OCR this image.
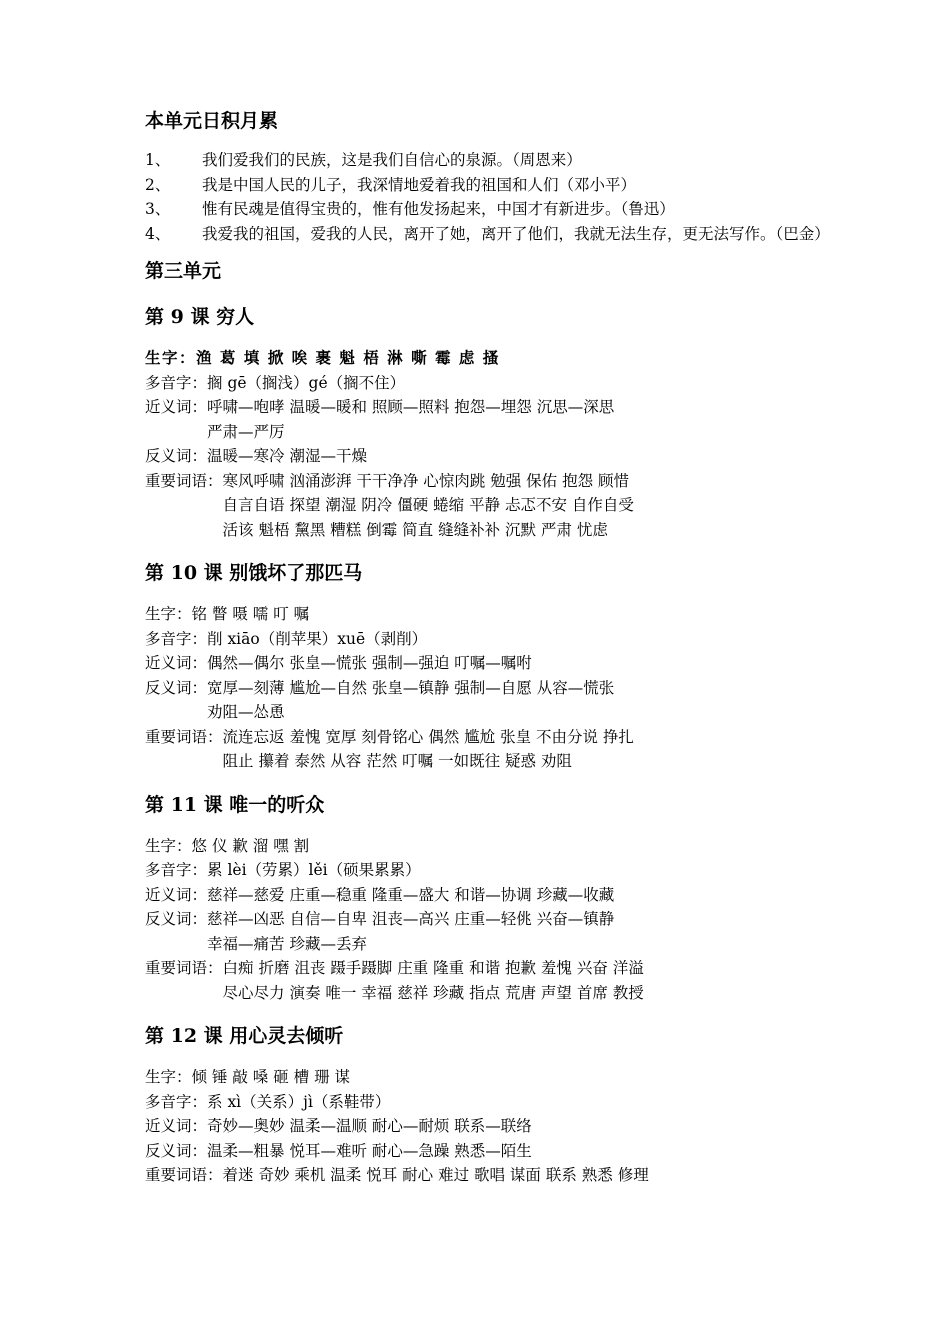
本单元日积月累
1、	我们爱我们的民族，这是我们自信心的泉源。（周恩来）
2、	我是中国人民的儿子，我深情地爱着我的祖国和人们（邓小平）
3、	惟有民魂是值得宝贵的，惟有他发扬起来，中国才有新进步。（鲁迅）
4、	我爱我的祖国，爱我的人民，离开了她，离开了他们，我就无法生存，更无法写作。（巴金）
第三单元
第 9 课 穷人
生字： 渔 葛 填 掀 唉 裹 魁 梧 淋 嘶 霉 虑 搔
多音字： 搁 gē（搁浅）gé（搁不住）
近义词： 呼啸—咆哮 温暖—暖和 照顾—照料 抱怨—埋怨 沉思—深思
严肃—严厉
反义词： 温暖—寒冷 潮湿—干燥
重要词语： 寒风呼啸 汹涌澎湃 干干净净 心惊肉跳 勉强 保佑 抱怨 顾惜
自言自语 探望 潮湿 阴冷 僵硬 蜷缩 平静 忐忑不安 自作自受
活该 魁梧 黧黑 糟糕 倒霉 简直 缝缝补补 沉默 严肃 忧虑
第 10 课 别饿坏了那匹马
生字： 铭 瞥 嗫 嚅 叮 嘱
多音字： 削 xiāo（削苹果）xuē（剥削）
近义词： 偶然—偶尔 张皇—慌张 强制—强迫 叮嘱—嘱咐
反义词： 宽厚—刻薄 尴尬—自然 张皇—镇静 强制—自愿 从容—慌张
劝阻—怂恿
重要词语： 流连忘返 羞愧 宽厚 刻骨铭心 偶然 尴尬 张皇 不由分说 挣扎
阻止 攥着 泰然 从容 茫然 叮嘱 一如既往 疑惑 劝阻
第 11 课 唯一的听众
生字： 悠 仪 歉 溜 嘿 割
多音字： 累 lèi（劳累）lěi（硕果累累）
近义词： 慈祥—慈爱 庄重—稳重 隆重—盛大 和谐—协调 珍藏—收藏
反义词： 慈祥—凶恶 自信—自卑 沮丧—高兴 庄重—轻佻 兴奋—镇静
幸福—痛苦 珍藏—丢弃
重要词语： 白痴 折磨 沮丧 蹑手蹑脚 庄重 隆重 和谐 抱歉 羞愧 兴奋 洋溢
尽心尽力 演奏 唯一 幸福 慈祥 珍藏 指点 荒唐 声望 首席 教授
第 12 课 用心灵去倾听
生字： 倾 锤 敲 嗓 砸 槽 珊 谋
多音字： 系 xì（关系）jì（系鞋带）
近义词： 奇妙—奥妙 温柔—温顺 耐心—耐烦 联系—联络
反义词： 温柔—粗暴 悦耳—难听 耐心—急躁 熟悉—陌生
重要词语： 着迷 奇妙 乘机 温柔 悦耳 耐心 难过 歌唱 谋面 联系 熟悉 修理
